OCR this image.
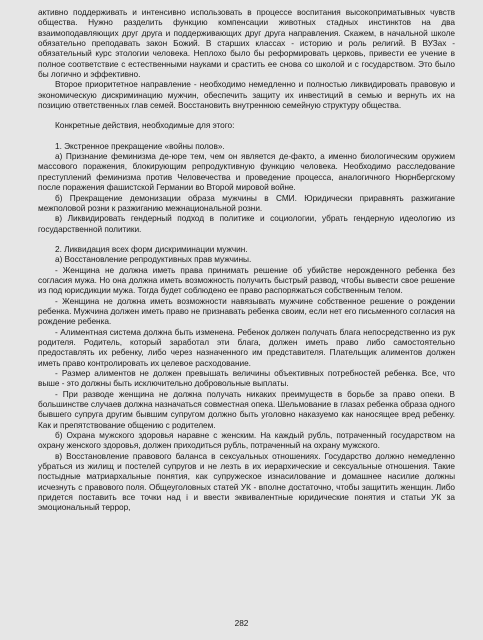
активно поддерживать и интенсивно использовать в процессе воспитания высокоприматывных чувств общества. Нужно разделить функцию компенсации животных стадных инстинктов на два взаимоподавляющих друг друга и поддерживающих друг друга направления. Скажем, в начальной школе обязательно преподавать закон Божий. В старших классах - историю и роль религий. В ВУЗах - обязательный курс этологии человека. Неплохо было бы реформировать церковь, привести ее учение в полное соответствие с естественными науками и срастить ее снова со школой и с государством. Это было бы логично и эффективно.

Второе приоритетное направление - необходимо немедленно и полностью ликвидировать правовую и экономическую дискриминацию мужчин, обеспечить защиту их инвестиций в семью и вернуть их на позицию ответственных глав семей. Восстановить внутреннюю семейную структуру общества.

Конкретные действия, необходимые для этого:

1. Экстренное прекращение «войны полов».

а) Признание феминизма де-юре тем, чем он является де-факто, а именно биологическим оружием массового поражения, блокирующим репродуктивную функцию человека. Необходимо расследование преступлений феминизма против Человечества и проведение процесса, аналогичного Нюрнбергскому после поражения фашистской Германии во Второй мировой войне.

б) Прекращение демонизации образа мужчины в СМИ. Юридически приравнять разжигание межполовой розни к разжиганию межнациональной розни.

в) Ликвидировать гендерный подход в политике и социологии, убрать гендерную идеологию из государственной политики.

2. Ликвидация всех форм дискриминации мужчин.

а) Восстановление репродуктивных прав мужчины.

- Женщина не должна иметь права принимать решение об убийстве нерожденного ребенка без согласия мужа. Но она должна иметь возможность получить быстрый развод, чтобы вывести свое решение из под юрисдикции мужа. Тогда будет соблюдено ее право распоряжаться собственным телом.

- Женщина не должна иметь возможности навязывать мужчине собственное решение о рождении ребенка. Мужчина должен иметь право не признавать ребенка своим, если нет его письменного согласия на рождение ребенка.

- Алиментная система должна быть изменена. Ребенок должен получать блага непосредственно из рук родителя. Родитель, который заработал эти блага, должен иметь право либо самостоятельно предоставлять их ребенку, либо через назначенного им представителя. Плательщик алиментов должен иметь право контролировать их целевое расходование.

- Размер алиментов не должен превышать величины объективных потребностей ребенка. Все, что выше - это должны быть исключительно добровольные выплаты.

- При разводе женщина не должна получать никаких преимуществ в борьбе за право опеки. В большинстве случаев должна назначаться совместная опека. Шельмование в глазах ребенка образа одного бывшего супруга другим бывшим супругом должно быть уголовно наказуемо как наносящее вред ребенку. Как и препятствование общению с родителем.

б) Охрана мужского здоровья наравне с женским. На каждый рубль, потраченный государством на охрану женского здоровья, должен приходиться рубль, потраченный на охрану мужского.

в) Восстановление правового баланса в сексуальных отношениях. Государство должно немедленно убраться из жилищ и постелей супругов и не лезть в их иерархические и сексуальные отношения. Такие постыдные матриархальные понятия, как супружеское изнасилование и домашнее насилие должны исчезнуть с правового поля. Общеуголовных статей УК - вполне достаточно, чтобы защитить женщин. Либо придется поставить все точки над і и ввести эквивалентные юридические понятия и статьи УК за эмоциональный террор,

282
